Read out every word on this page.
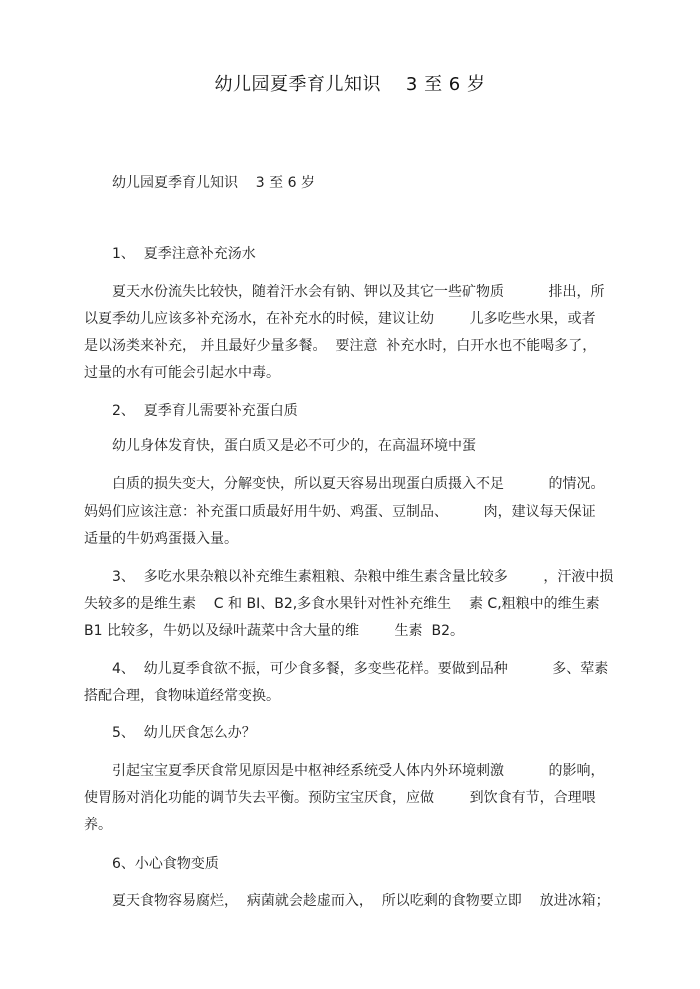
幼儿园夏季育儿知识    3 至 6 岁
幼儿园夏季育儿知识    3 至 6 岁
1、  夏季注意补充汤水
夏天水份流失比较快，随着汗水会有钠、钾以及其它一些矿物质          排出，所
以夏季幼儿应该多补充汤水，在补充水的时候，建议让幼        儿多吃些水果，或者
是以汤类来补充， 并且最好少量多餐。  要注意  补充水时，白开水也不能喝多了，
过量的水有可能会引起水中毒。
2、  夏季育儿需要补充蛋白质
幼儿身体发育快，蛋白质又是必不可少的，在高温环境中蛋
白质的损失变大，分解变快，所以夏天容易出现蛋白质摄入不足          的情况。
妈妈们应该注意：补充蛋口质最好用牛奶、鸡蛋、豆制品、        肉，建议每天保证
适量的牛奶鸡蛋摄入量。
3、  多吃水果杂粮以补充维生素粗粮、杂粮中维生素含量比较多        ，汗液中损
失较多的是维生素    C 和 BI、B2,多食水果针对性补充维生    素 C,粗粮中的维生素
B1 比较多，牛奶以及绿叶蔬菜中含大量的维        生素  B2。
4、  幼儿夏季食欲不振，可少食多餐，多变些花样。要做到品种          多、荤素
搭配合理，食物味道经常变换。
5、  幼儿厌食怎么办？
引起宝宝夏季厌食常见原因是中枢神经系统受人体内外环境刺激          的影响，
使胃肠对消化功能的调节失去平衡。预防宝宝厌食，应做        到饮食有节，合理喂
养。
6、小心食物变质
夏天食物容易腐烂，  病菌就会趁虚而入，  所以吃剩的食物要立即    放进冰箱；
